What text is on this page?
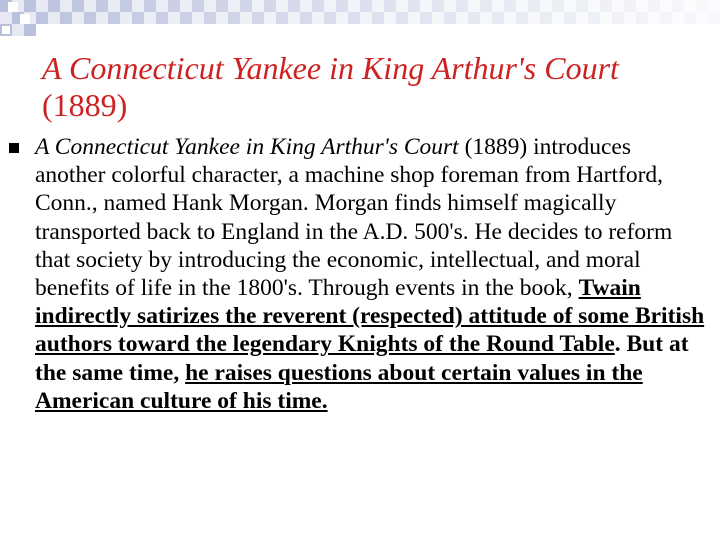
A Connecticut Yankee in King Arthur's Court (1889)

A Connecticut Yankee in King Arthur's Court (1889) introduces another colorful character, a machine shop foreman from Hartford, Conn., named Hank Morgan. Morgan finds himself magically transported back to England in the A.D. 500's. He decides to reform that society by introducing the economic, intellectual, and moral benefits of life in the 1800's. Through events in the book, Twain indirectly satirizes the reverent (respected) attitude of some British authors toward the legendary Knights of the Round Table. But at the same time, he raises questions about certain values in the American culture of his time.
